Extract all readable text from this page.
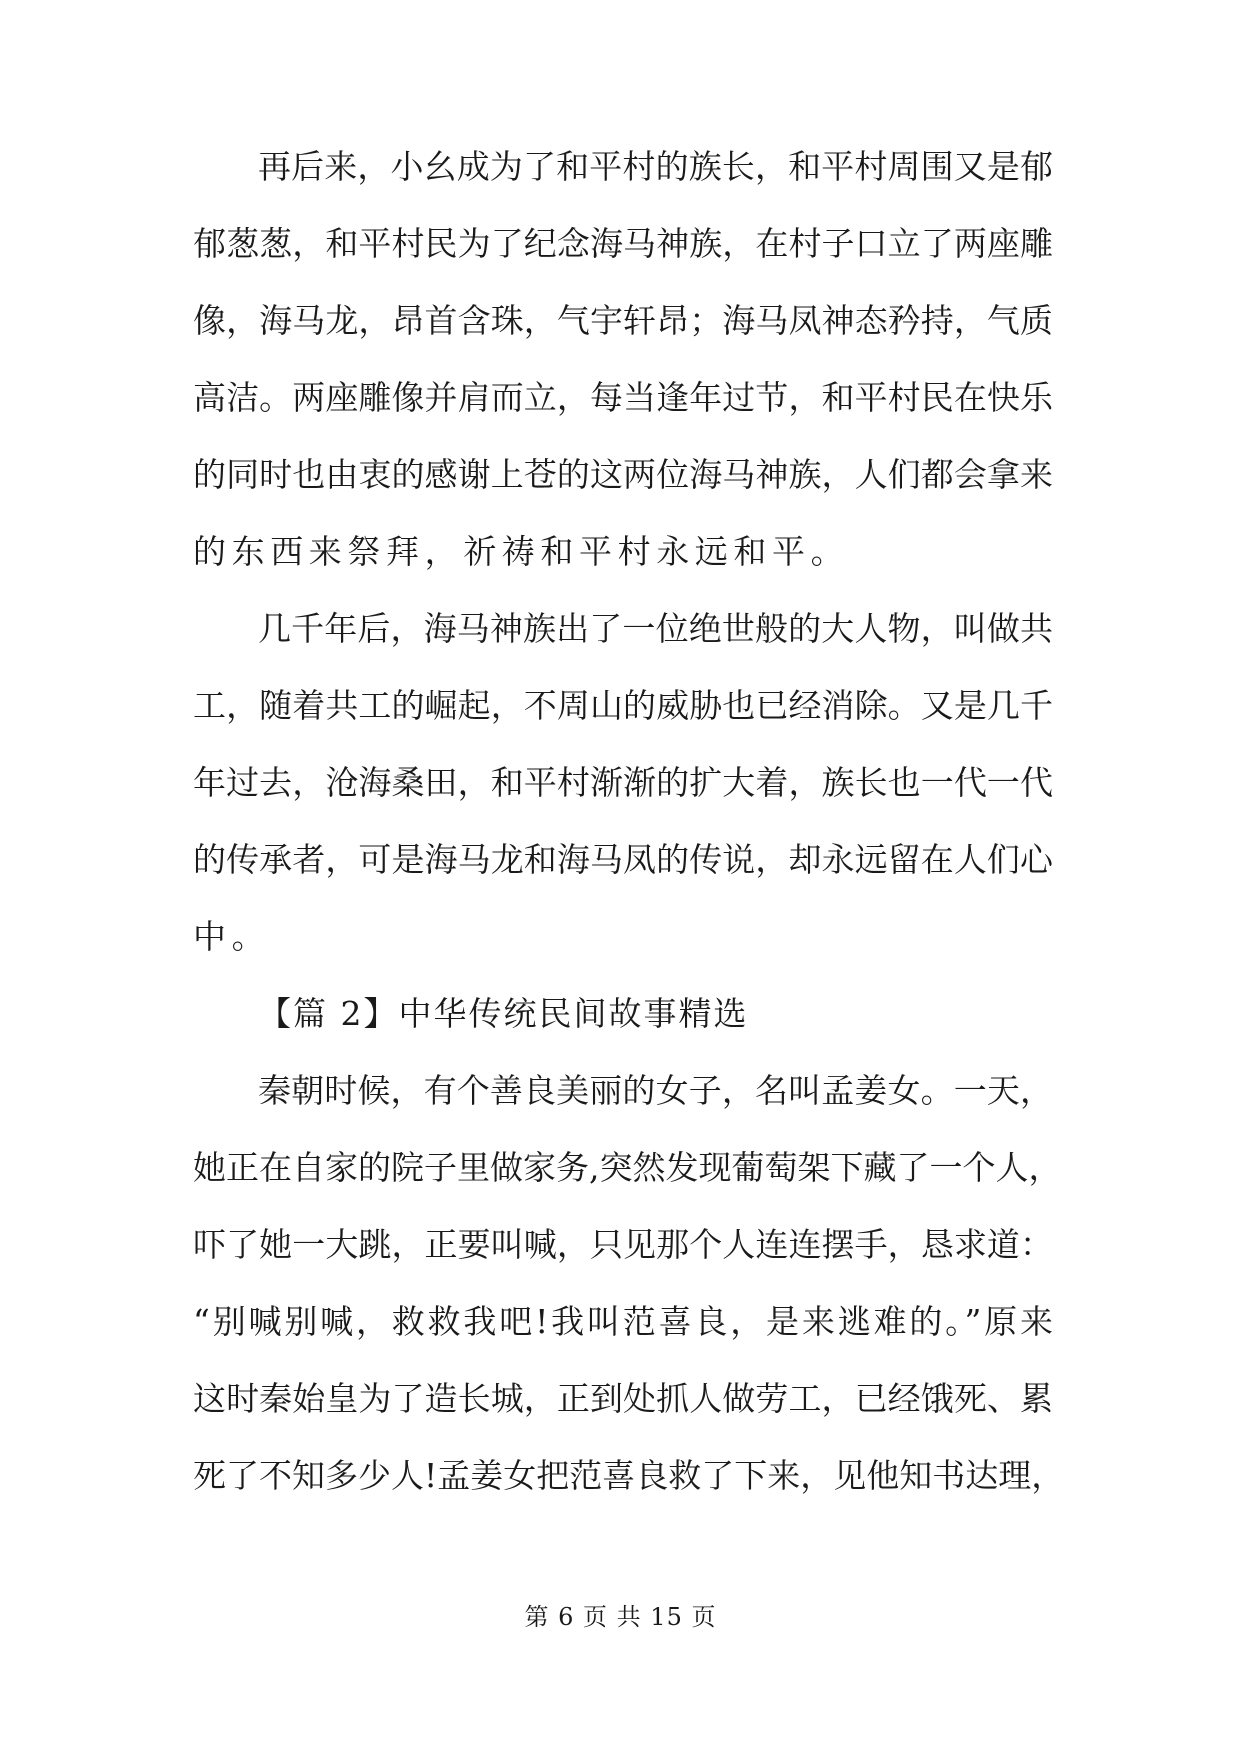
再后来，小幺成为了和平村的族长，和平村周围又是郁
郁葱葱，和平村民为了纪念海马神族，在村子口立了两座雕
像，海马龙，昂首含珠，气宇轩昂；海马凤神态矜持，气质
高洁。两座雕像并肩而立，每当逢年过节，和平村民在快乐
的同时也由衷的感谢上苍的这两位海马神族，人们都会拿来
的东西来祭拜，祈祷和平村永远和平。
几千年后，海马神族出了一位绝世般的大人物，叫做共
工，随着共工的崛起，不周山的威胁也已经消除。又是几千
年过去，沧海桑田，和平村渐渐的扩大着，族长也一代一代
的传承者，可是海马龙和海马凤的传说，却永远留在人们心
中。
【篇 2】中华传统民间故事精选
秦朝时候，有个善良美丽的女子，名叫孟姜女。一天，
她正在自家的院子里做家务,突然发现葡萄架下藏了一个人，
吓了她一大跳，正要叫喊，只见那个人连连摆手，恳求道：
“别喊别喊，救救我吧!我叫范喜良，是来逃难的。”原来
这时秦始皇为了造长城，正到处抓人做劳工，已经饿死、累
死了不知多少人!孟姜女把范喜良救了下来，见他知书达理，
第 6 页 共 15 页
